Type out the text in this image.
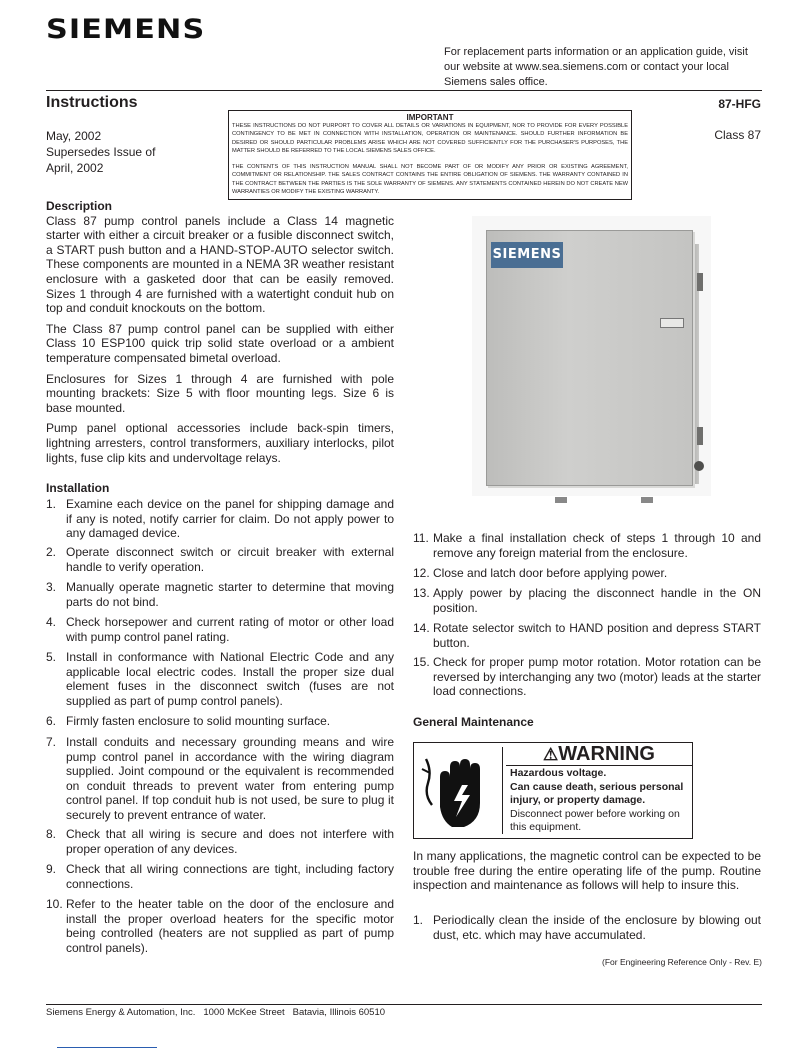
SIEMENS
For replacement parts information or an application guide, visit our website at www.sea.siemens.com or contact your local Siemens sales office.
Instructions	87-HFG
Class 87
May, 2002
Supersedes Issue of
April, 2002
IMPORTANT

THESE INSTRUCTIONS DO NOT PURPORT TO COVER ALL DETAILS OR VARIATIONS IN EQUIPMENT, NOR TO PROVIDE FOR EVERY POSSIBLE CONTINGENCY TO BE MET IN CONNECTION WITH INSTALLATION, OPERATION OR MAINTENANCE. SHOULD FURTHER INFORMATION BE DESIRED OR SHOULD PARTICULAR PROBLEMS ARISE WHICH ARE NOT COVERED SUFFICIENTLY FOR THE PURCHASER'S PURPOSES, THE MATTER SHOULD BE REFERRED TO THE LOCAL SIEMENS SALES OFFICE.

THE CONTENTS OF THIS INSTRUCTION MANUAL SHALL NOT BECOME PART OF OR MODIFY ANY PRIOR OR EXISTING AGREEMENT, COMMITMENT OR RELATIONSHIP. THE SALES CONTRACT CONTAINS THE ENTIRE OBLIGATION OF SIEMENS. THE WARRANTY CONTAINED IN THE CONTRACT BETWEEN THE PARTIES IS THE SOLE WARRANTY OF SIEMENS. ANY STATEMENTS CONTAINED HEREIN DO NOT CREATE NEW WARRANTIES OR MODIFY THE EXISTING WARRANTY.

Description

Class 87 pump control panels include a Class 14 magnetic starter with either a circuit breaker or a fusible disconnect switch, a START push button and a HAND-STOP-AUTO selector switch. These components are mounted in a NEMA 3R weather resistant enclosure with a gasketed door that can be easily removed. Sizes 1 through 4 are furnished with a watertight conduit hub on top and conduit knockouts on the bottom.

The Class 87 pump control panel can be supplied with either Class 10 ESP100 quick trip solid state overload or a ambient temperature compensated bimetal overload.

Enclosures for Sizes 1 through 4 are furnished with pole mounting brackets: Size 5 with floor mounting legs. Size 6 is base mounted.

Pump panel optional accessories include back-spin timers, lightning arresters, control transformers, auxiliary interlocks, pilot lights, fuse clip kits and undervoltage relays.

Installation
1. Examine each device on the panel for shipping damage and if any is noted, notify carrier for claim. Do not apply power to any damaged device.
2. Operate disconnect switch or circuit breaker with external handle to verify operation.
3. Manually operate magnetic starter to determine that moving parts do not bind.
4. Check horsepower and current rating of motor or other load with pump control panel rating.
5. Install in conformance with National Electric Code and any applicable local electric codes. Install the proper size dual element fuses in the disconnect switch (fuses are not supplied as part of pump control panels).
6. Firmly fasten enclosure to solid mounting surface.
7. Install conduits and necessary grounding means and wire pump control panel in accordance with the wiring diagram supplied. Joint compound or the equivalent is recommended on conduit threads to prevent water from entering pump control panel. If top conduit hub is not used, be sure to plug it securely to prevent entrance of water.
8. Check that all wiring is secure and does not interfere with proper operation of any devices.
9. Check that all wiring connections are tight, including factory connections.
10. Refer to the heater table on the door of the enclosure and install the proper overload heaters for the specific motor being controlled (heaters are not supplied as part of pump control panels).
SIEMENS
11. Make a final installation check of steps 1 through 10 and remove any foreign material from the enclosure.
12. Close and latch door before applying power.
13. Apply power by placing the disconnect handle in the ON position.
14. Rotate selector switch to HAND position and depress START button.
15. Check for proper pump motor rotation. Motor rotation can be reversed by interchanging any two (motor) leads at the starter load connections.
General Maintenance
⚠WARNING
Hazardous voltage.
Can cause death, serious personal injury, or property damage.
Disconnect power before working on this equipment.

In many applications, the magnetic control can be expected to be trouble free during the entire operating life of the pump. Routine inspection and maintenance as follows will help to insure this.

1. Periodically clean the inside of the enclosure by blowing out dust, etc. which may have accumulated.
(For Engineering Reference Only - Rev. E)
Siemens Energy & Automation, Inc.   1000 McKee Street   Batavia, Illinois 60510
